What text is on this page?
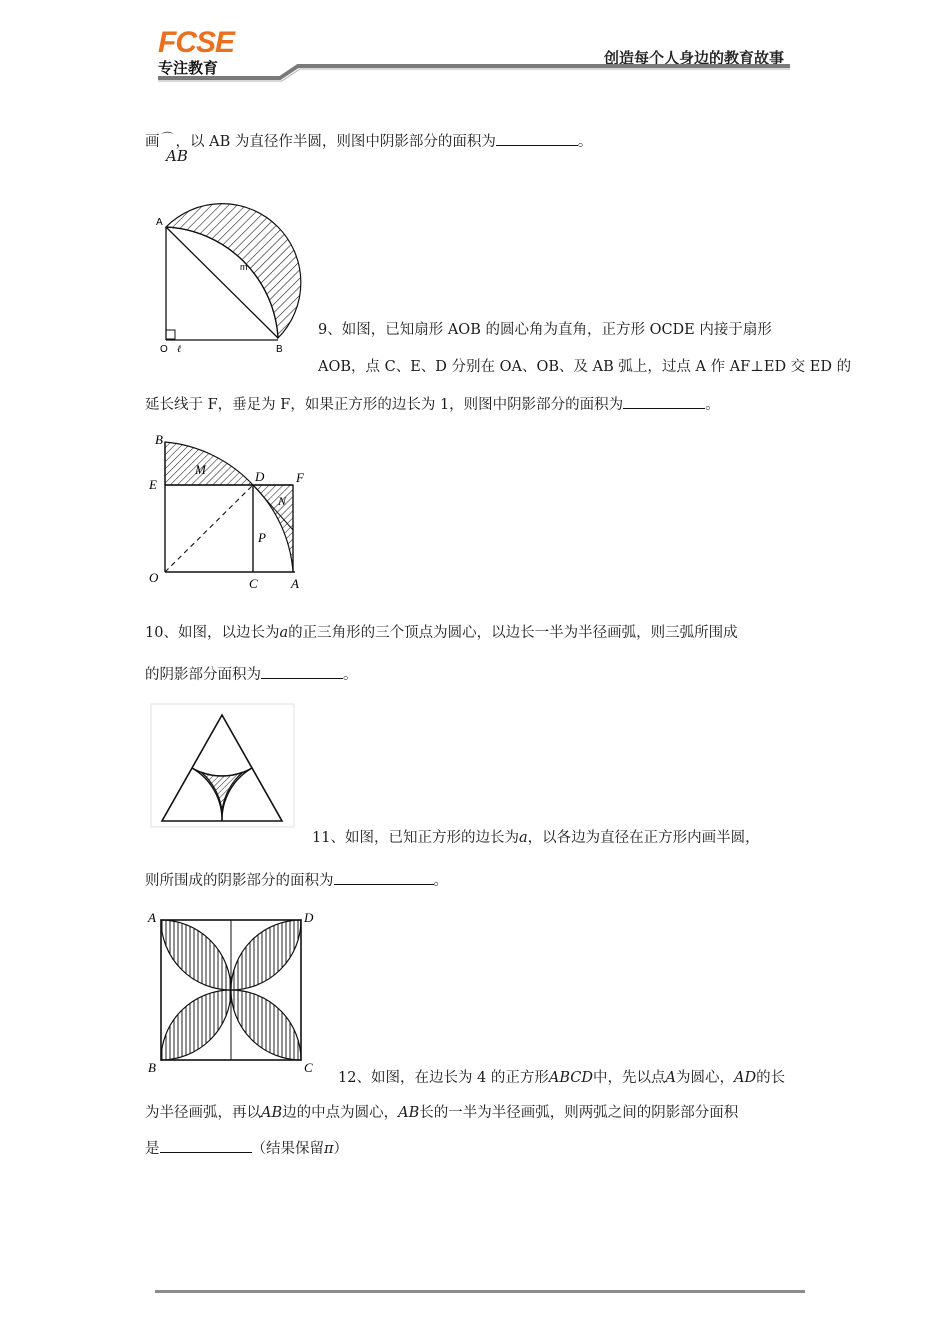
FCSE
专注教育
创造每个人身边的教育故事
画 ⌒ ，以 AB 为直径作半圆，则图中阴影部分的面积为	。
AB
A
O ℓ	B
m
9、如图，已知扇形 AOB 的圆心角为直角，正方形 OCDE 内接于扇形
AOB，点 C、E、D 分别在 OA、OB、及 AB 弧上，过点 A 作 AF⊥ED 交 ED 的
延长线于 F，垂足为 F，如果正方形的边长为 1，则图中阴影部分的面积为	。
B
E
O
D F
M
N
P
C	A
10、如图，以边长为a的正三角形的三个顶点为圆心，以边长一半为半径画弧，则三弧所围成
的阴影部分面积为	。
11、如图，已知正方形的边长为a，以各边为直径在正方形内画半圆，
则所围成的阴影部分的面积为	。
A	D
B	C
12、如图，在边长为 4 的正方形ABCD中，先以点A为圆心，AD的长
为半径画弧，再以AB边的中点为圆心，AB长的一半为半径画弧，则两弧之间的阴影部分面积
是	（结果保留π）
